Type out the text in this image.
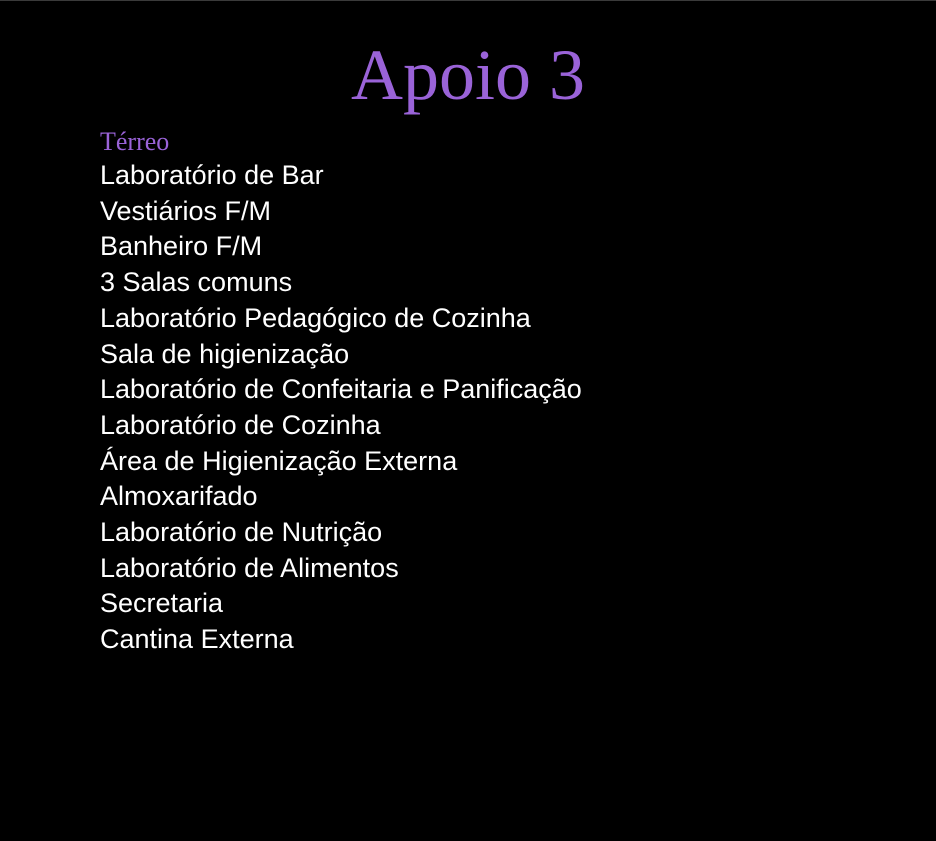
Apoio 3
Térreo
Laboratório de Bar
Vestiários F/M
Banheiro F/M
3 Salas comuns
Laboratório Pedagógico de Cozinha
Sala de higienização
Laboratório de Confeitaria e Panificação
Laboratório de Cozinha
Área de Higienização Externa
Almoxarifado
Laboratório de Nutrição
Laboratório de Alimentos
Secretaria
Cantina Externa
